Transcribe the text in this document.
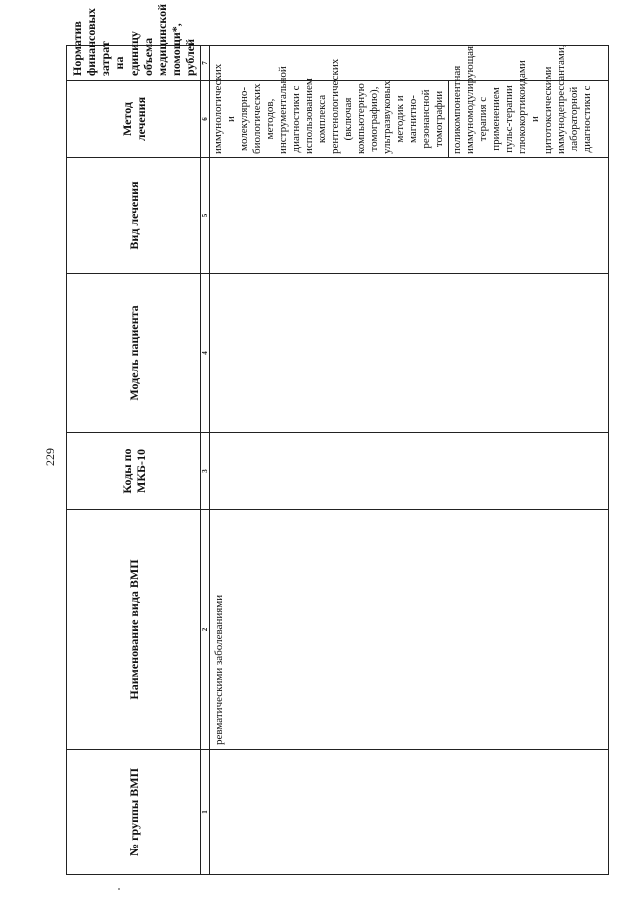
229
№ группы ВМП	Наименование вида ВМП	Коды по МКБ-10	Модель пациента	Вид лечения	Метод лечения	Норматив финансовых затрат на единицу объема медицинской помощи*, рублей
1	2	3	4	5	6	7

	ревматическими заболеваниями				иммунологических и молекулярно-биологических методов, инструментальной диагностики с использованием комплекса рентгенологических (включая компьютерную томографию), ультразвуковых методик и магнитно-резонансной томографии поликомпонентная иммуномодулирующая терапия с применением пульс-терапии глюкокортикоидами и цитотоксическими иммунодепрессантами, лабораторной диагностики с	
